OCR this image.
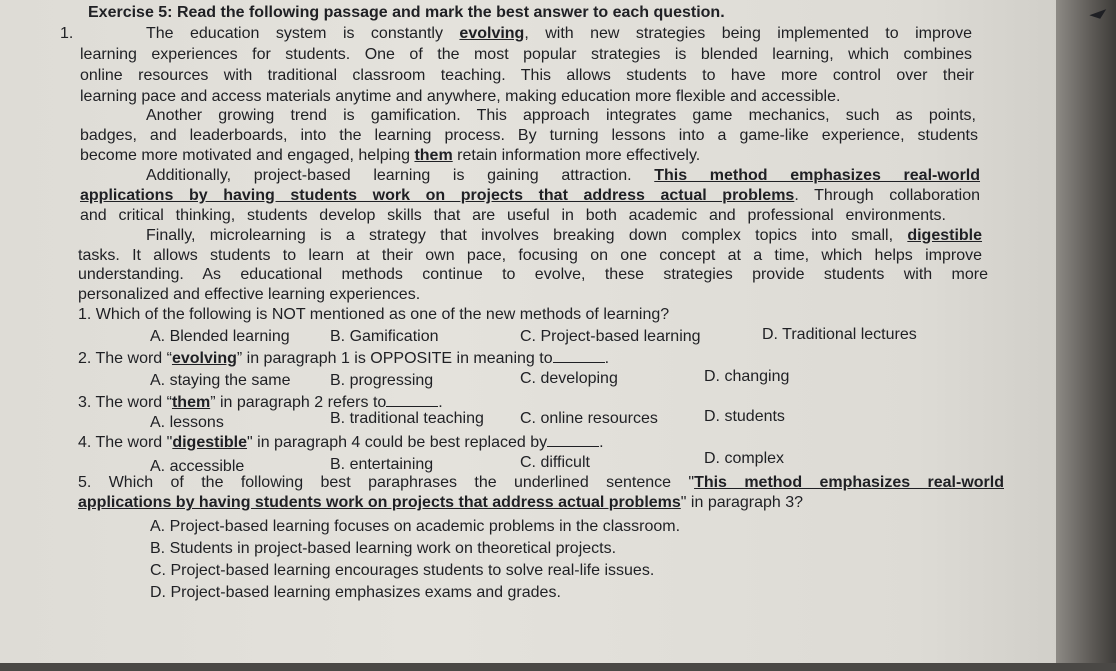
Exercise 5: Read the following passage and mark the best answer to each question.
1.	The education system is constantly evolving, with new strategies being implemented to improve
learning experiences for students. One of the most popular strategies is blended learning, which combines
online resources with traditional classroom teaching. This allows students to have more control over their
learning pace and access materials anytime and anywhere, making education more flexible and accessible.
Another growing trend is gamification. This approach integrates game mechanics, such as points,
badges, and leaderboards, into the learning process. By turning lessons into a game-like experience, students
become more motivated and engaged, helping them retain information more effectively.
Additionally, project-based learning is gaining attraction. This method emphasizes real-world
applications by having students work on projects that address actual problems. Through collaboration
and critical thinking, students develop skills that are useful in both academic and professional environments.
Finally, microlearning is a strategy that involves breaking down complex topics into small, digestible
tasks. It allows students to learn at their own pace, focusing on one concept at a time, which helps improve
understanding. As educational methods continue to evolve, these strategies provide students with more
personalized and effective learning experiences.
1. Which of the following is NOT mentioned as one of the new methods of learning?
A. Blended learning	B. Gamification	C. Project-based learning	D. Traditional lectures
2. The word “evolving” in paragraph 1 is OPPOSITE in meaning to	.
A. staying the same B. progressing	C. developing	D. changing
3. The word “them” in paragraph 2 refers to	.
A. lessons	B. traditional teaching C. online resources	D. students
4. The word "digestible" in paragraph 4 could be best replaced by	.
A. accessible	B. entertaining	C. difficult	D. complex
5. Which of the following best paraphrases the underlined sentence "This method emphasizes real-world
applications by having students work on projects that address actual problems" in paragraph 3?
A. Project-based learning focuses on academic problems in the classroom.
B. Students in project-based learning work on theoretical projects.
C. Project-based learning encourages students to solve real-life issues.
D. Project-based learning emphasizes exams and grades.
